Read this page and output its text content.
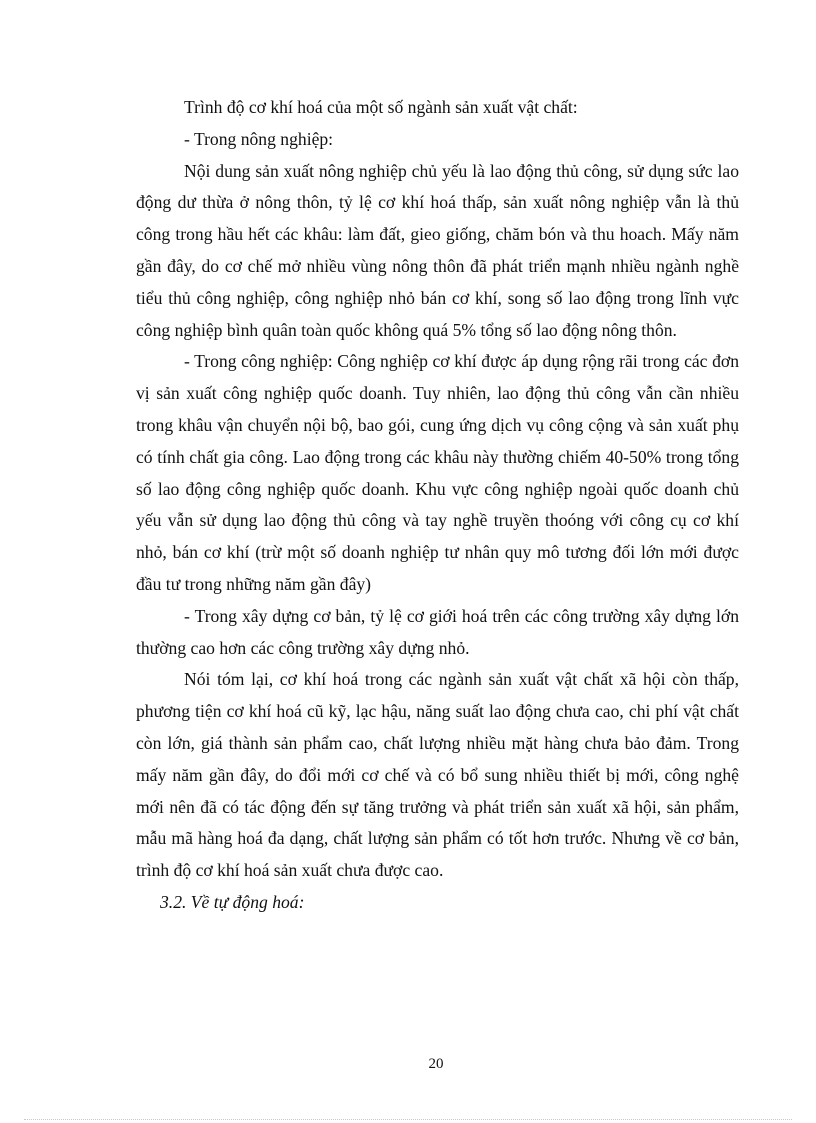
Trình độ cơ khí hoá của một số ngành sản xuất vật chất:

- Trong nông nghiệp:

Nội dung sản xuất nông nghiệp chủ yếu là lao động thủ công, sử dụng sức lao động dư thừa ở nông thôn, tỷ lệ cơ khí hoá thấp, sản xuất nông nghiệp vẫn là thủ công trong hầu hết các khâu: làm đất, gieo giống, chăm bón và thu hoach. Mấy năm gần đây, do cơ chế mở nhiều vùng nông thôn đã phát triển mạnh nhiều ngành nghề tiểu thủ công nghiệp, công nghiệp nhỏ bán cơ khí, song số lao động trong lĩnh vực công nghiệp bình quân toàn quốc không quá 5% tổng số lao động nông thôn.

- Trong công nghiệp: Công nghiệp cơ khí được áp dụng rộng rãi trong các đơn vị sản xuất công nghiệp quốc doanh. Tuy nhiên, lao động thủ công vẫn cần nhiều trong khâu vận chuyển nội bộ, bao gói, cung ứng dịch vụ công cộng và sản xuất phụ có tính chất gia công. Lao động trong các khâu này thường chiếm 40-50% trong tổng số lao động công nghiệp quốc doanh. Khu vực công nghiệp ngoài quốc doanh chủ yếu vẫn sử dụng lao động thủ công và tay nghề truyền thoóng với công cụ cơ khí nhỏ, bán cơ khí (trừ một số doanh nghiệp tư nhân quy mô tương đối lớn mới được đầu tư trong những năm gần đây)

- Trong xây dựng cơ bản, tỷ lệ cơ giới hoá trên các công trường xây dựng lớn thường cao hơn các công trường xây dựng nhỏ.

Nói tóm lại, cơ khí hoá trong các ngành sản xuất vật chất xã hội còn thấp, phương tiện cơ khí hoá cũ kỹ, lạc hậu, năng suất lao động chưa cao, chi phí vật chất còn lớn, giá thành sản phẩm cao, chất lượng nhiều mặt hàng chưa bảo đảm. Trong mấy năm gần đây, do đổi mới cơ chế và có bổ sung nhiều thiết bị mới, công nghệ mới nên đã có tác động đến sự tăng trưởng và phát triển sản xuất xã hội, sản phẩm, mẫu mã hàng hoá đa dạng, chất lượng sản phẩm có tốt hơn trước. Nhưng về cơ bản, trình độ cơ khí hoá sản xuất chưa được cao.

3.2. Về tự động hoá:

20
